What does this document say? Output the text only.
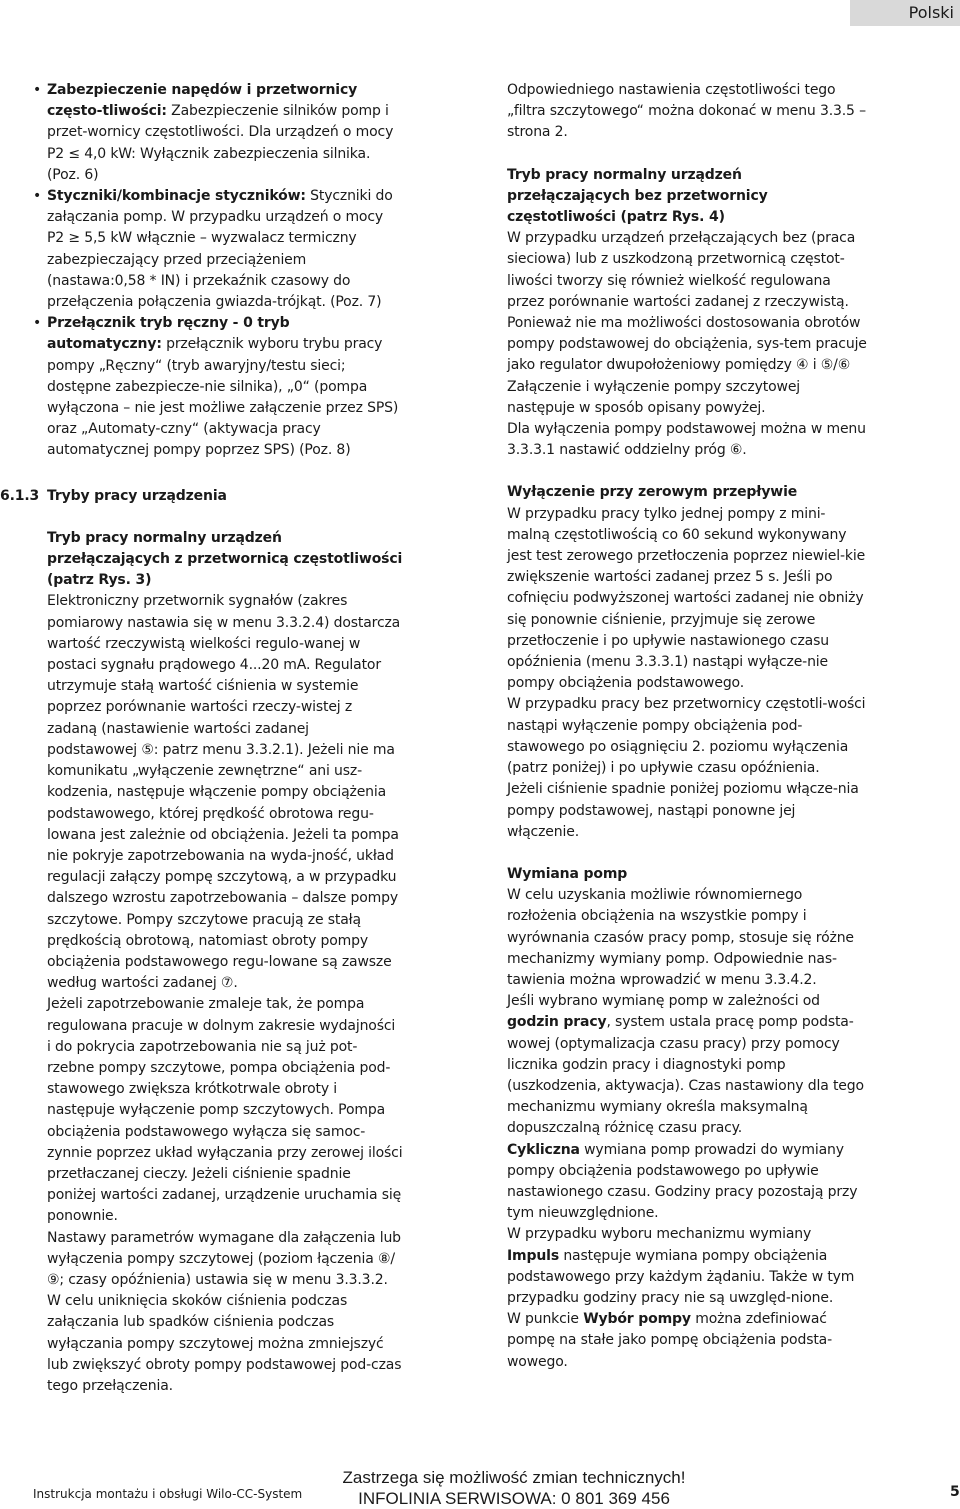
Polski
• Zabezpieczenie napędów i przetwornicy często-tliwości: Zabezpieczenie silników pomp i przet-wornicy częstotliwości. Dla urządzeń o mocy P2 ≤ 4,0 kW: Wyłącznik zabezpieczenia silnika. (Poz. 6)
• Styczniki/kombinacje styczników: Styczniki do załączania pomp. W przypadku urządzeń o mocy P2 ≥ 5,5 kW włącznie – wyzwalacz termiczny zabezpieczający przed przeciążeniem (nastawa:0,58 * IN) i przekaźnik czasowy do przełączenia połączenia gwiazda-trójkąt. (Poz. 7)
• Przełącznik tryb ręczny - 0 tryb automatyczny: przełącznik wyboru trybu pracy pompy „Ręczny“ (tryb awaryjny/testu sieci; dostępne zabezpiecze-nie silnika), „0“ (pompa wyłączona – nie jest możliwe załączenie przez SPS) oraz „Automaty-czny“ (aktywacja pracy automatycznej pompy poprzez SPS) (Poz. 8)
6.1.3 Tryby pracy urządzenia

Tryb pracy normalny urządzeń przełączających z przetwornicą częstotliwości (patrz Rys. 3)

Elektroniczny przetwornik sygnałów (zakres pomiarowy nastawia się w menu 3.3.2.4) dostarcza wartość rzeczywistą wielkości regulo-wanej w postaci sygnału prądowego 4...20 mA. Regulator utrzymuje stałą wartość ciśnienia w systemie poprzez porównanie wartości rzeczy-wistej z zadaną (nastawienie wartości zadanej podstawowej ⑤: patrz menu 3.3.2.1). Jeżeli nie ma komunikatu „wyłączenie zewnętrzne“ ani usz-kodzenia, następuje włączenie pompy obciążenia podstawowego, której prędkość obrotowa regu-lowana jest zależnie od obciążenia. Jeżeli ta pompa nie pokryje zapotrzebowania na wyda-jność, układ regulacji załączy pompę szczytową, a w przypadku dalszego wzrostu zapotrzebowania – dalsze pompy szczytowe. Pompy szczytowe pracują ze stałą prędkością obrotową, natomiast obroty pompy obciążenia podstawowego regu-lowane są zawsze według wartości zadanej ⑦.

Jeżeli zapotrzebowanie zmaleje tak, że pompa regulowana pracuje w dolnym zakresie wydajności i do pokrycia zapotrzebowania nie są już pot-rzebne pompy szczytowe, pompa obciążenia pod-stawowego zwiększa krótkotrwale obroty i następuje wyłączenie pomp szczytowych. Pompa obciążenia podstawowego wyłącza się samoc-zynnie poprzez układ wyłączania przy zerowej ilości przetłaczanej cieczy. Jeżeli ciśnienie spadnie poniżej wartości zadanej, urządzenie uruchamia się ponownie.

Nastawy parametrów wymagane dla załączenia lub wyłączenia pompy szczytowej (poziom łączenia ⑧/⑨; czasy opóźnienia) ustawia się w menu 3.3.3.2.

W celu uniknięcia skoków ciśnienia podczas załączania lub spadków ciśnienia podczas wyłączania pompy szczytowej można zmniejszyć lub zwiększyć obroty pompy podstawowej pod-czas tego przełączenia.

Odpowiedniego nastawienia częstotliwości tego „filtra szczytowego“ można dokonać w menu 3.3.5 – strona 2.

Tryb pracy normalny urządzeń przełączających bez przetwornicy częstotliwości (patrz Rys. 4)

W przypadku urządzeń przełączających bez (praca sieciowa) lub z uszkodzoną przetwornicą częstot-liwości tworzy się również wielkość regulowana przez porównanie wartości zadanej z rzeczywistą.

Ponieważ nie ma możliwości dostosowania obrotów pompy podstawowej do obciążenia, sys-tem pracuje jako regulator dwupołożeniowy pomiędzy ④ i ⑤/⑥

Załączenie i wyłączenie pompy szczytowej następuje w sposób opisany powyżej.

Dla wyłączenia pompy podstawowej można w menu 3.3.3.1 nastawić oddzielny próg ⑥.

Wyłączenie przy zerowym przepływie

W przypadku pracy tylko jednej pompy z mini-malną częstotliwością co 60 sekund wykonywany jest test zerowego przetłoczenia poprzez niewiel-kie zwiększenie wartości zadanej przez 5 s. Jeśli po cofnięciu podwyższonej wartości zadanej nie obniży się ponownie ciśnienie, przyjmuje się zerowe przetłoczenie i po upływie nastawionego czasu opóźnienia (menu 3.3.3.1) nastąpi wyłącze-nie pompy obciążenia podstawowego.

W przypadku pracy bez przetwornicy częstotli-wości nastąpi wyłączenie pompy obciążenia pod-stawowego po osiągnięciu 2. poziomu wyłączenia (patrz poniżej) i po upływie czasu opóźnienia.

Jeżeli ciśnienie spadnie poniżej poziomu włącze-nia pompy podstawowej, nastąpi ponowne jej włączenie.

Wymiana pomp

W celu uzyskania możliwie równomiernego rozłożenia obciążenia na wszystkie pompy i wyrównania czasów pracy pomp, stosuje się różne mechanizmy wymiany pomp. Odpowiednie nas-tawienia można wprowadzić w menu 3.3.4.2.

Jeśli wybrano wymianę pomp w zależności od godzin pracy, system ustala pracę pomp podsta-wowej (optymalizacja czasu pracy) przy pomocy licznika godzin pracy i diagnostyki pomp (uszkodzenia, aktywacja). Czas nastawiony dla tego mechanizmu wymiany określa maksymalną dopuszczalną różnicę czasu pracy.

Cykliczna wymiana pomp prowadzi do wymiany pompy obciążenia podstawowego po upływie nastawionego czasu. Godziny pracy pozostają przy tym nieuwzględnione.

W przypadku wyboru mechanizmu wymiany Impuls następuje wymiana pompy obciążenia podstawowego przy każdym żądaniu. Także w tym przypadku godziny pracy nie są uwzględ-nione.

W punkcie Wybór pompy można zdefiniować pompę na stałe jako pompę obciążenia podsta-wowego.

Instrukcja montażu i obsługi Wilo-CC-System
Zastrzega się możliwość zmian technicznych!
INFOLINIA SERWISOWA: 0 801 369 456	5
